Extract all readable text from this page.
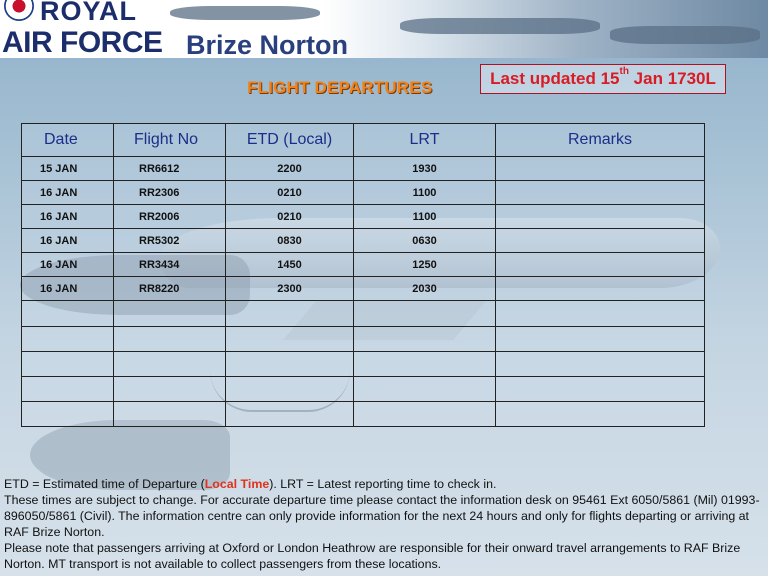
ROYAL
AIR FORCE Brize Norton
FLIGHT DEPARTURES	Last updated 15th Jan 1730L
Date	Flight No	ETD (Local)	LRT	Remarks
15 JAN	RR6612	2200	1930	
16 JAN	RR2306	0210	1100	
16 JAN	RR2006	0210	1100	
16 JAN	RR5302	0830	0630	
16 JAN	RR3434	1450	1250	
16 JAN	RR8220	2300	2030	

ETD = Estimated time of Departure (Local Time). LRT = Latest reporting time to check in.

These times are subject to change. For accurate departure time please contact the information desk on 95461 Ext 6050/5861 (Mil) 01993-896050/5861 (Civil). The information centre can only provide information for the next 24 hours and only for flights departing or arriving at RAF Brize Norton.

Please note that passengers arriving at Oxford or London Heathrow are responsible for their onward travel arrangements to RAF Brize Norton. MT transport is not available to collect passengers from these locations.
